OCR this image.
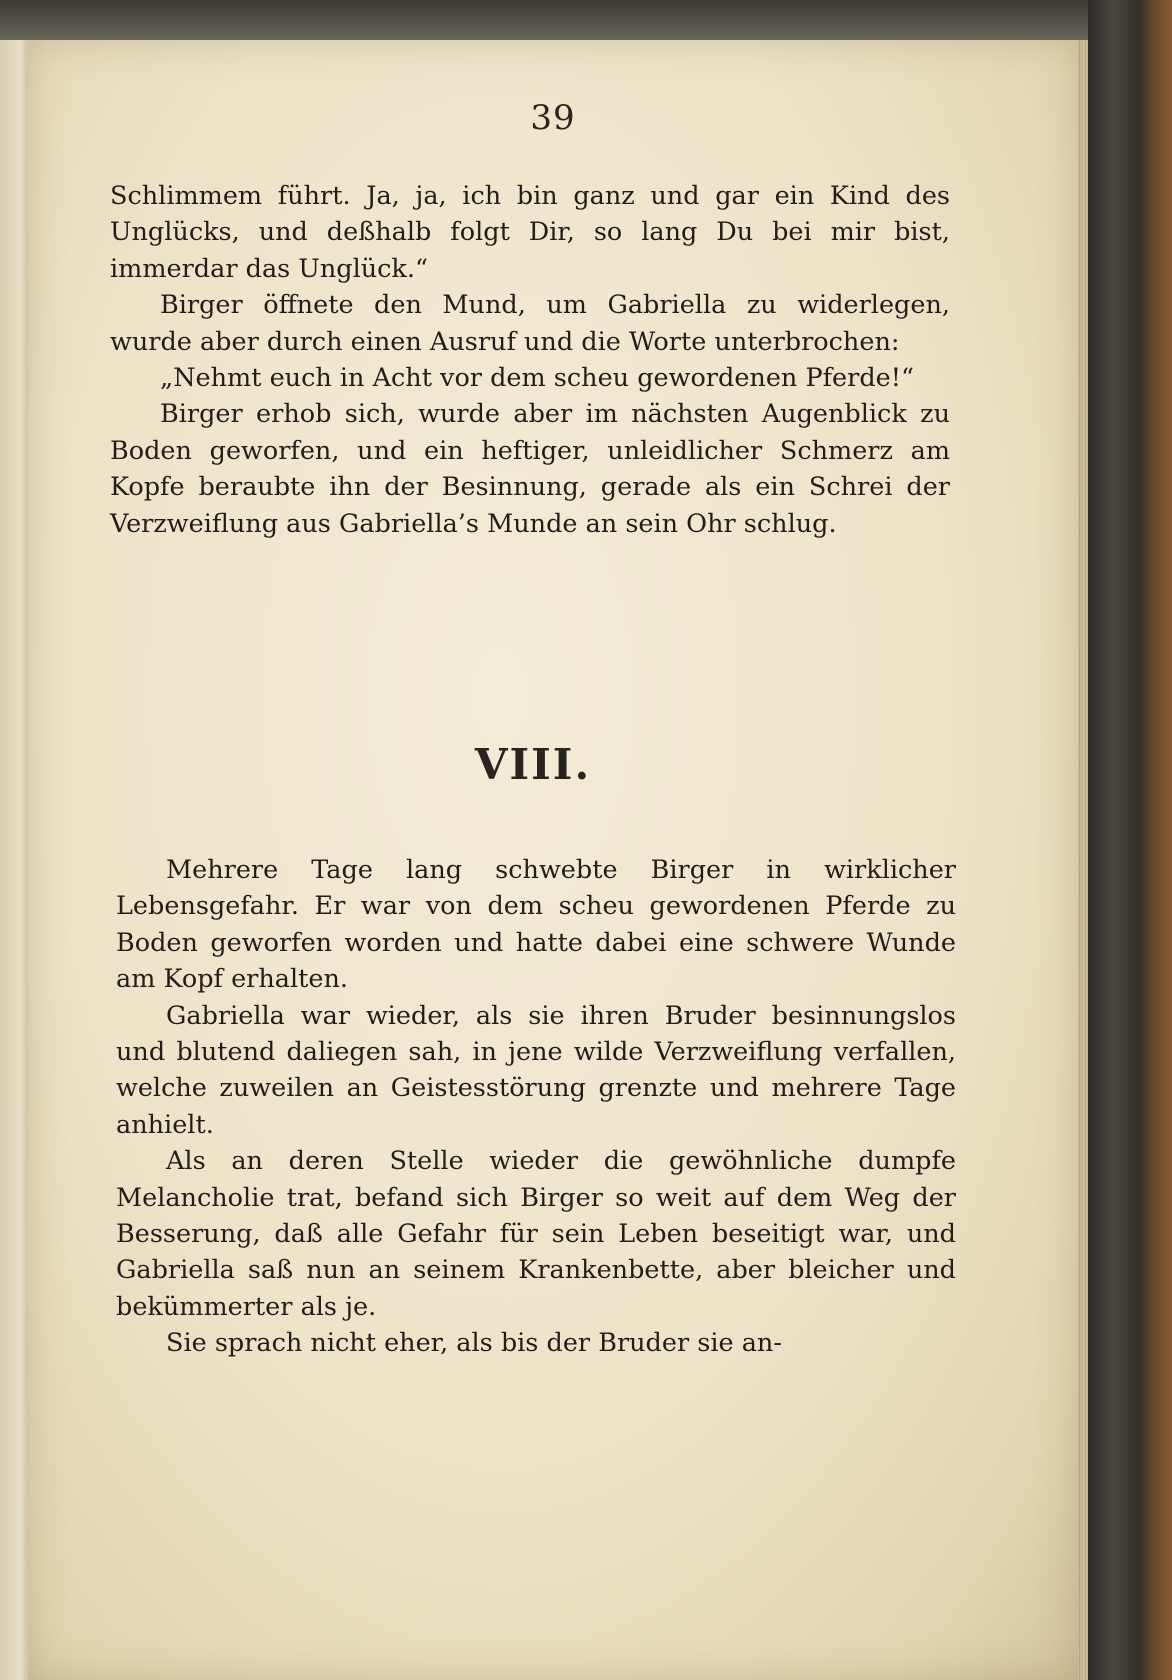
39

Schlimmem führt. Ja, ja, ich bin ganz und gar ein Kind des Unglücks, und deßhalb folgt Dir, so lang Du bei mir bist, immerdar das Unglück.“

Birger öffnete den Mund, um Gabriella zu widerlegen, wurde aber durch einen Ausruf und die Worte unterbrochen:

„Nehmt euch in Acht vor dem scheu gewordenen Pferde!“

Birger erhob sich, wurde aber im nächsten Augenblick zu Boden geworfen, und ein heftiger, unleidlicher Schmerz am Kopfe beraubte ihn der Besinnung, gerade als ein Schrei der Verzweiflung aus Gabriella’s Munde an sein Ohr schlug.

VIII.

Mehrere Tage lang schwebte Birger in wirklicher Lebensgefahr. Er war von dem scheu gewordenen Pferde zu Boden geworfen worden und hatte dabei eine schwere Wunde am Kopf erhalten.

Gabriella war wieder, als sie ihren Bruder besinnungslos und blutend daliegen sah, in jene wilde Verzweiflung verfallen, welche zuweilen an Geistesstörung grenzte und mehrere Tage anhielt.

Als an deren Stelle wieder die gewöhnliche dumpfe Melancholie trat, befand sich Birger so weit auf dem Weg der Besserung, daß alle Gefahr für sein Leben beseitigt war, und Gabriella saß nun an seinem Krankenbette, aber bleicher und bekümmerter als je.

Sie sprach nicht eher, als bis der Bruder sie an-
